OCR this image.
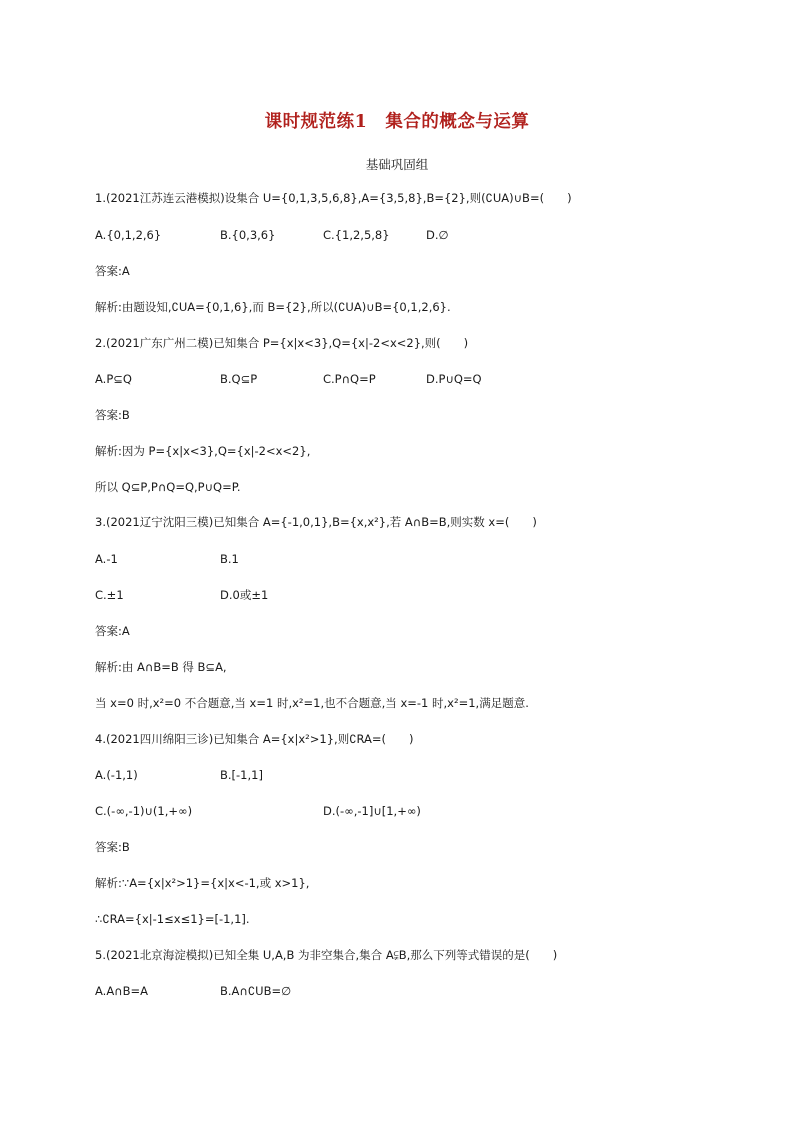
课时规范练1　集合的概念与运算
基础巩固组
1.(2021江苏连云港模拟)设集合 U={0,1,3,5,6,8},A={3,5,8},B={2},则(∁UA)∪B=(　　)
A.{0,1,2,6}	B.{0,3,6}	C.{1,2,5,8}	D.∅
答案:A
解析:由题设知,∁UA={0,1,6},而 B={2},所以(∁UA)∪B={0,1,2,6}.
2.(2021广东广州二模)已知集合 P={x|x<3},Q={x|-2<x<2},则(　　)
A.P⊆Q	B.Q⊆P	C.P∩Q=P	D.P∪Q=Q
答案:B
解析:因为 P={x|x<3},Q={x|-2<x<2},
所以 Q⊆P,P∩Q=Q,P∪Q=P.
3.(2021辽宁沈阳三模)已知集合 A={-1,0,1},B={x,x²},若 A∩B=B,则实数 x=(　　)
A.-1	B.1
C.±1	D.0或±1
答案:A
解析:由 A∩B=B 得 B⊆A,
当 x=0 时,x²=0 不合题意,当 x=1 时,x²=1,也不合题意,当 x=-1 时,x²=1,满足题意.
4.(2021四川绵阳三诊)已知集合 A={x|x²>1},则∁RA=(　　)
A.(-1,1)	B.[-1,1]
C.(-∞,-1)∪(1,+∞)	D.(-∞,-1]∪[1,+∞)
答案:B
解析:∵A={x|x²>1}={x|x<-1,或 x>1},
∴∁RA={x|-1≤x≤1}=[-1,1].
5.(2021北京海淀模拟)已知全集 U,A,B 为非空集合,集合 A⫋B,那么下列等式错误的是(　　)
A.A∩B=A	B.A∩∁UB=∅
